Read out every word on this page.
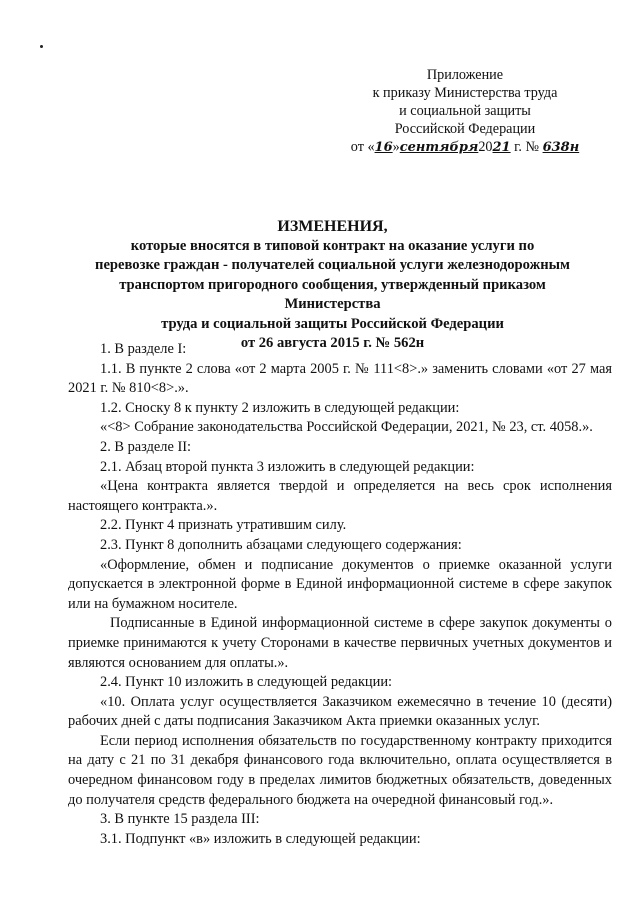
Приложение
к приказу Министерства труда
и социальной защиты
Российской Федерации
от «16»сентября2021 г. № 638н
ИЗМЕНЕНИЯ,
которые вносятся в типовой контракт на оказание услуги по
перевозке граждан - получателей социальной услуги железнодорожным
транспортом пригородного сообщения, утвержденный приказом Министерства
труда и социальной защиты Российской Федерации
от 26 августа 2015 г. № 562н

1. В разделе I:

1.1. В пункте 2 слова «от 2 марта 2005 г. № 111<8>.» заменить словами «от 27 мая 2021 г. № 810<8>.».

1.2. Сноску 8 к пункту 2 изложить в следующей редакции:

«<8> Собрание законодательства Российской Федерации, 2021, № 23, ст. 4058.».

2. В разделе II:

2.1. Абзац второй пункта 3 изложить в следующей редакции:

«Цена контракта является твердой и определяется на весь срок исполнения настоящего контракта.».

2.2. Пункт 4 признать утратившим силу.

2.3. Пункт 8 дополнить абзацами следующего содержания:

«Оформление, обмен и подписание документов о приемке оказанной услуги допускается в электронной форме в Единой информационной системе в сфере закупок или на бумажном носителе.

Подписанные в Единой информационной системе в сфере закупок документы о приемке принимаются к учету Сторонами в качестве первичных учетных документов и являются основанием для оплаты.».

2.4. Пункт 10 изложить в следующей редакции:

«10. Оплата услуг осуществляется Заказчиком ежемесячно в течение 10 (десяти) рабочих дней с даты подписания Заказчиком Акта приемки оказанных услуг.

Если период исполнения обязательств по государственному контракту приходится на дату с 21 по 31 декабря финансового года включительно, оплата осуществляется в очередном финансовом году в пределах лимитов бюджетных обязательств, доведенных до получателя средств федерального бюджета на очередной финансовый год.».

3. В пункте 15 раздела III:

3.1. Подпункт «в» изложить в следующей редакции:
